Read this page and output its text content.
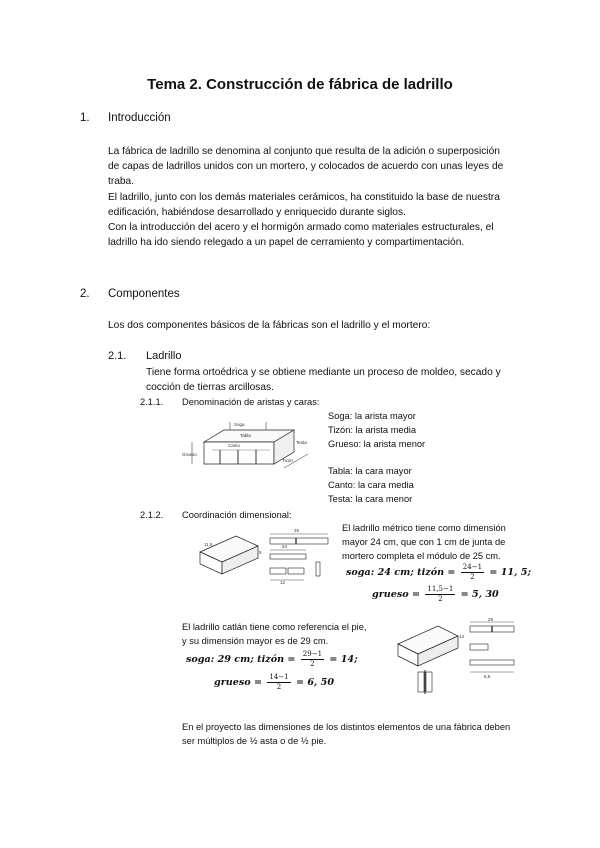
Tema 2. Construcción de fábrica de ladrillo
1. Introducción
La fábrica de ladrillo se denomina al conjunto que resulta de la adición o superposición
de capas de ladrillos unidos con un mortero, y colocados de acuerdo con unas leyes de
traba.
El ladrillo, junto con los demás materiales cerámicos, ha constituido la base de nuestra
edificación, habiéndose desarrollado y enriquecido durante siglos.
Con la introducción del acero y el hormigón armado como materiales estructurales, el
ladrillo ha ido siendo relegado a un papel de cerramiento y compartimentación.
2. Componentes
Los dos componentes básicos de la fábricas son el ladrillo y el mortero:
2.1. Ladrillo
Tiene forma ortoédrica y se obtiene mediante un proceso de moldeo, secado y
cocción de tierras arcillosas.
2.1.1. Denominación de aristas y caras:
Soga
Tabla
Tizón
Grueso
Canto
Testa
Soga: la arista mayor
Tizón: la arista media
Grueso: la arista menor
Tabla: la cara mayor
Canto: la cara media
Testa: la cara menor
2.1.2. Coordinación dimensional:
11,5
5
25
24
12
El ladrillo métrico tiene como dimensión
mayor 24 cm, que con 1 cm de junta de
mortero completa el módulo de 25 cm.
soga: 24 cm; tizón = $\frac{24-1}{2} = 11$, 5;
grueso = $\frac{11,5-1}{2} = 5$, 30
El ladrillo catlán tiene como referencia el pie,
y su dimensión mayor es de 29 cm.
soga: 29 cm; tizón = $\frac{29-1}{2} = 14$;
grueso = $\frac{14-1}{2} = 6$, 50
14
29
6,5
En el proyecto las dimensiones de los distintos elementos de una fábrica deben
ser múltiplos de ½ asta o de ½ pie.
